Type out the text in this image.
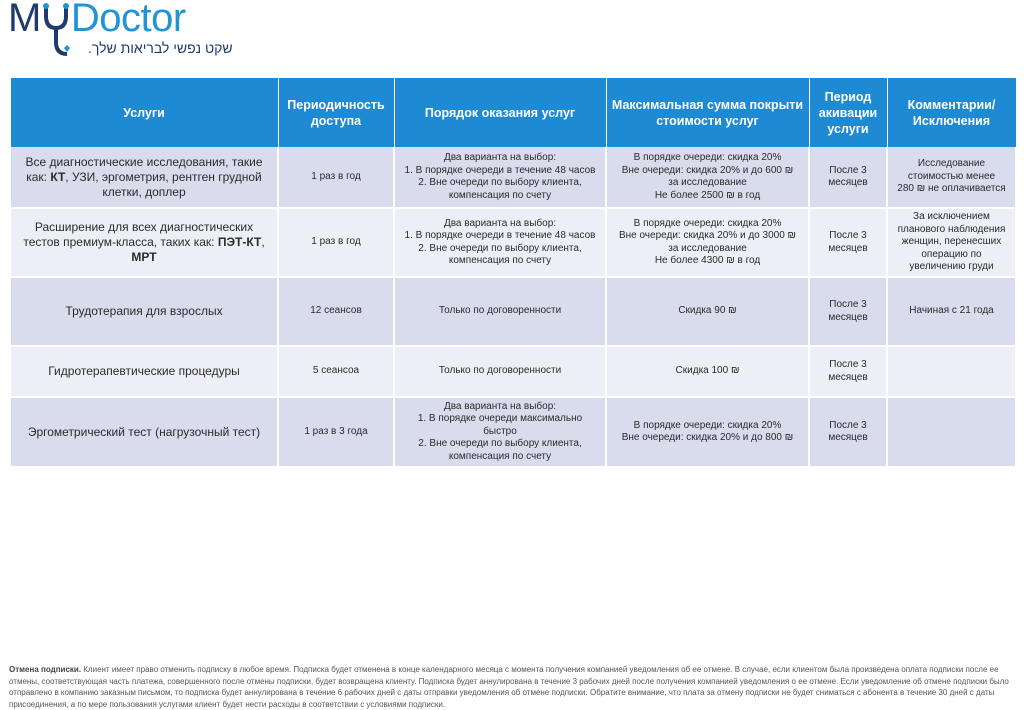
M Doctor
שקט נפשי לבריאות שלך.
Услуги	Периодичность доступа	Порядок оказания услуг	Максимальная сумма покрыти стоимости услуг	Период акивации услуги	Комментарии/ Исключения
Все диагностические исследования, такие
как: КТ, УЗИ, эргометрия, рентген грудной клетки, доплер	1 раз в год	Два варианта на выбор:
1. В порядке очереди в течение 48 часов
2. Вне очереди по выбору клиента,
компенсация по счету	В порядке очереди: скидка 20%
Вне очереди: скидка 20% и до 600 ₪
за исследование
Не более 2500 ₪ в год	После 3
месяцев	Исследование
стоимостью менее
280 ₪ не оплачивается

Расширение для всех диагностических
тестов премиум-класса, таких как: ПЭТ-КТ, МРТ	1 раз в год	Два варианта на выбор:
1. В порядке очереди в течение 48 часов
2. Вне очереди по выбору клиента,
компенсация по счету	В порядке очереди: скидка 20%
Вне очереди: скидка 20% и до 3000 ₪
за исследование
Не более 4300 ₪ в год	После 3
месяцев	За исключением
планового наблюдения
женщин, перенесших
операцию по
увеличению груди

Трудотерапия для взрослых	12 сеансов	Только по договоренности	Скидка 90 ₪	После 3
месяцев	Начиная с 21 года
Гидротерапевтические процедуры	5 сеансоа	Только по договоренности	Скидка 100 ₪	После 3
месяцев	

Эргометрический тест (нагрузочный тест)	1 раз в 3 года	Два варианта на выбор:
1. В порядке очереди максимально
быстро
2. Вне очереди по выбору клиента,
компенсация по счету	В порядке очереди: скидка 20%
Вне очереди: скидка 20% и до 800 ₪	После 3
месяцев	

Отмена подписки. Клиент имеет право отменить подписку в любое время. Подписка будет отменена в конце календарного месяца с момента получения компанией уведомления об ее отмене. В случае, если клиентом была произведена оплата подписки после ее отмены, соответствующая часть платежа, совершенного после отмены подписки, будет возвращена клиенту. Подписка будет аннулирована в течение 3 рабочих дней после получения компанией уведомления о ее отмене. Если уведомление об отмене подписки было отправлено в компанию заказным письмом, то подписка будет аннулирована в течение 6 рабочих дней с даты отправки уведомления об отмене подписки. Обратите внимание, что плата за отмену подписки не будет сниматься с абонента в течение 30 дней с даты присоединения, а по мере пользования услугами клиент будет нести расходы в соответствии с условиями подписки.
